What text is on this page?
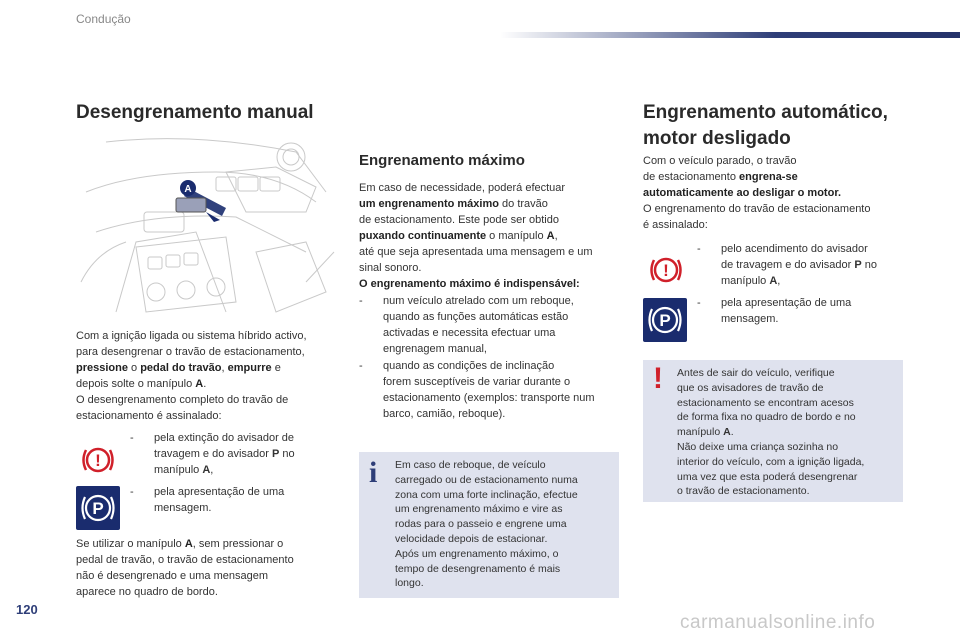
Condução
Desengrenamento manual
A
Com a ignição ligada ou sistema híbrido activo,
para desengrenar o travão de estacionamento,
pressione o pedal do travão, empurre e
depois solte o manípulo A.
O desengrenamento completo do travão de
estacionamento é assinalado:
!
- pela extinção do avisador de
travagem e do avisador P no
manípulo A,
P
- pela apresentação de uma
mensagem.
Se utilizar o manípulo A, sem pressionar o
pedal de travão, o travão de estacionamento
não é desengrenado e uma mensagem
aparece no quadro de bordo.
Engrenamento máximo
Em caso de necessidade, poderá efectuar
um engrenamento máximo do travão
de estacionamento. Este pode ser obtido
puxando continuamente o manípulo A,
até que seja apresentada uma mensagem e um
sinal sonoro.
O engrenamento máximo é indispensável:
- num veículo atrelado com um reboque,
quando as funções automáticas estão
activadas e necessita efectuar uma
engrenagem manual,
- quando as condições de inclinação
forem susceptíveis de variar durante o
estacionamento (exemplos: transporte num
barco, camião, reboque).
i Em caso de reboque, de veículo
carregado ou de estacionamento numa
zona com uma forte inclinação, efectue
um engrenamento máximo e vire as
rodas para o passeio e engrene uma
velocidade depois de estacionar.
Após um engrenamento máximo, o
tempo de desengrenamento é mais
longo.
Engrenamento automático,
motor desligado
Com o veículo parado, o travão
de estacionamento engrena-se
automaticamente ao desligar o motor.
O engrenamento do travão de estacionamento
é assinalado:
!
- pelo acendimento do avisador
de travagem e do avisador P no
manípulo A,
P
- pela apresentação de uma
mensagem.
! Antes de sair do veículo, verifique
que os avisadores de travão de
estacionamento se encontram acesos
de forma fixa no quadro de bordo e no
manípulo A.
Não deixe uma criança sozinha no
interior do veículo, com a ignição ligada,
uma vez que esta poderá desengrenar
o travão de estacionamento.
120
carmanualsonline.info
